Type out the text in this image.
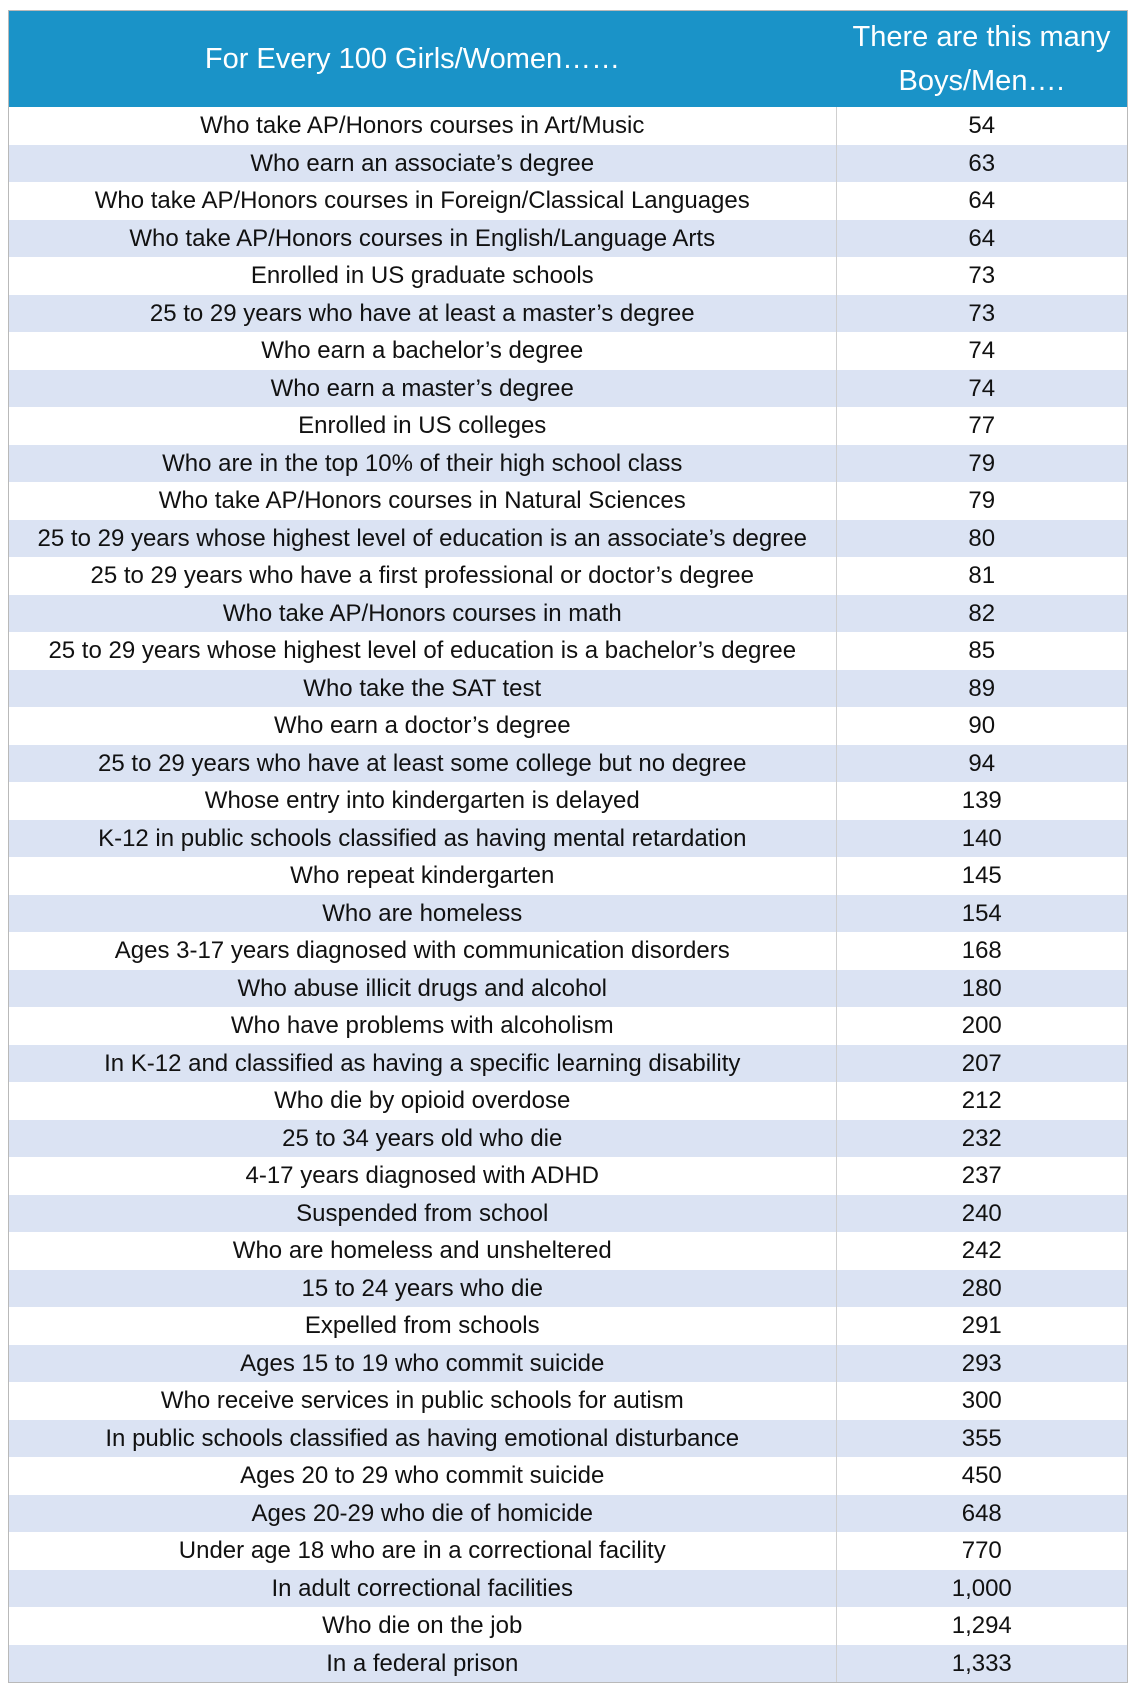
For Every 100 Girls/Women……	There are this many
Boys/Men….
Who take AP/Honors courses in Art/Music	54
Who earn an associate’s degree	63
Who take AP/Honors courses in Foreign/Classical Languages	64
Who take AP/Honors courses in English/Language Arts	64
Enrolled in US graduate schools	73
25 to 29 years who have at least a master’s degree	73
Who earn a bachelor’s degree	74
Who earn a master’s degree	74
Enrolled in US colleges	77
Who are in the top 10% of their high school class	79
Who take AP/Honors courses in Natural Sciences	79
25 to 29 years whose highest level of education is an associate’s degree	80
25 to 29 years who have a first professional or doctor’s degree	81
Who take AP/Honors courses in math	82
25 to 29 years whose highest level of education is a bachelor’s degree	85
Who take the SAT test	89
Who earn a doctor’s degree	90
25 to 29 years who have at least some college but no degree	94
Whose entry into kindergarten is delayed	139
K-12 in public schools classified as having mental retardation	140
Who repeat kindergarten	145
Who are homeless	154
Ages 3-17 years diagnosed with communication disorders	168
Who abuse illicit drugs and alcohol	180
Who have problems with alcoholism	200
In K-12 and classified as having a specific learning disability	207
Who die by opioid overdose	212
25 to 34 years old who die	232
4-17 years diagnosed with ADHD	237
Suspended from school	240
Who are homeless and unsheltered	242
15 to 24 years who die	280
Expelled from schools	291
Ages 15 to 19 who commit suicide	293
Who receive services in public schools for autism	300
In public schools classified as having emotional disturbance	355
Ages 20 to 29 who commit suicide	450
Ages 20-29 who die of homicide	648
Under age 18 who are in a correctional facility	770
In adult correctional facilities	1,000
Who die on the job	1,294
In a federal prison	1,333
